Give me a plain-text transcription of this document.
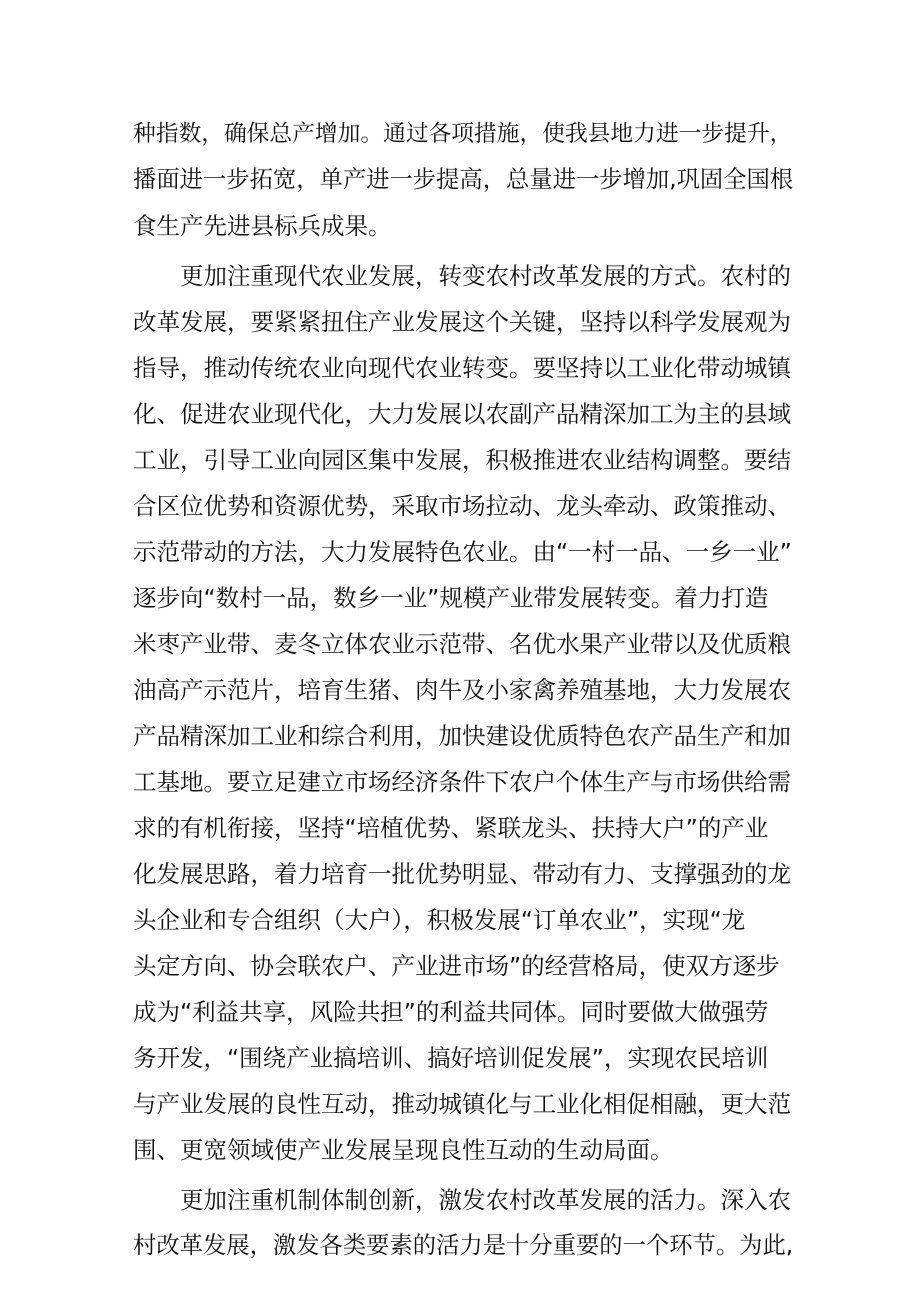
种指数，确保总产增加。通过各项措施，使我县地力进一步提升，
播面进一步拓宽，单产进一步提高，总量进一步增加,巩固全国根
食生产先进县标兵成果。
更加注重现代农业发展，转变农村改革发展的方式。农村的
改革发展，要紧紧扭住产业发展这个关键，坚持以科学发展观为
指导，推动传统农业向现代农业转变。要坚持以工业化带动城镇
化、促进农业现代化，大力发展以农副产品精深加工为主的县域
工业，引导工业向园区集中发展，积极推进农业结构调整。要结
合区位优势和资源优势，采取市场拉动、龙头牵动、政策推动、
示范带动的方法，大力发展特色农业。由“一村一品、一乡一业”
逐步向“数村一品，数乡一业”规模产业带发展转变。着力打造
米枣产业带、麦冬立体农业示范带、名优水果产业带以及优质粮
油高产示范片，培育生猪、肉牛及小家禽养殖基地，大力发展农
产品精深加工业和综合利用，加快建设优质特色农产品生产和加
工基地。要立足建立市场经济条件下农户个体生产与市场供给需
求的有机衔接，坚持“培植优势、紧联龙头、扶持大户”的产业
化发展思路，着力培育一批优势明显、带动有力、支撑强劲的龙
头企业和专合组织（大户），积极发展“订单农业”，实现“龙
头定方向、协会联农户、产业进市场”的经营格局，使双方逐步
成为“利益共享，风险共担”的利益共同体。同时要做大做强劳
务开发，“围绕产业搞培训、搞好培训促发展”，实现农民培训
与产业发展的良性互动，推动城镇化与工业化相促相融，更大范
围、更宽领域使产业发展呈现良性互动的生动局面。
更加注重机制体制创新，激发农村改革发展的活力。深入农
村改革发展，激发各类要素的活力是十分重要的一个环节。为此,
